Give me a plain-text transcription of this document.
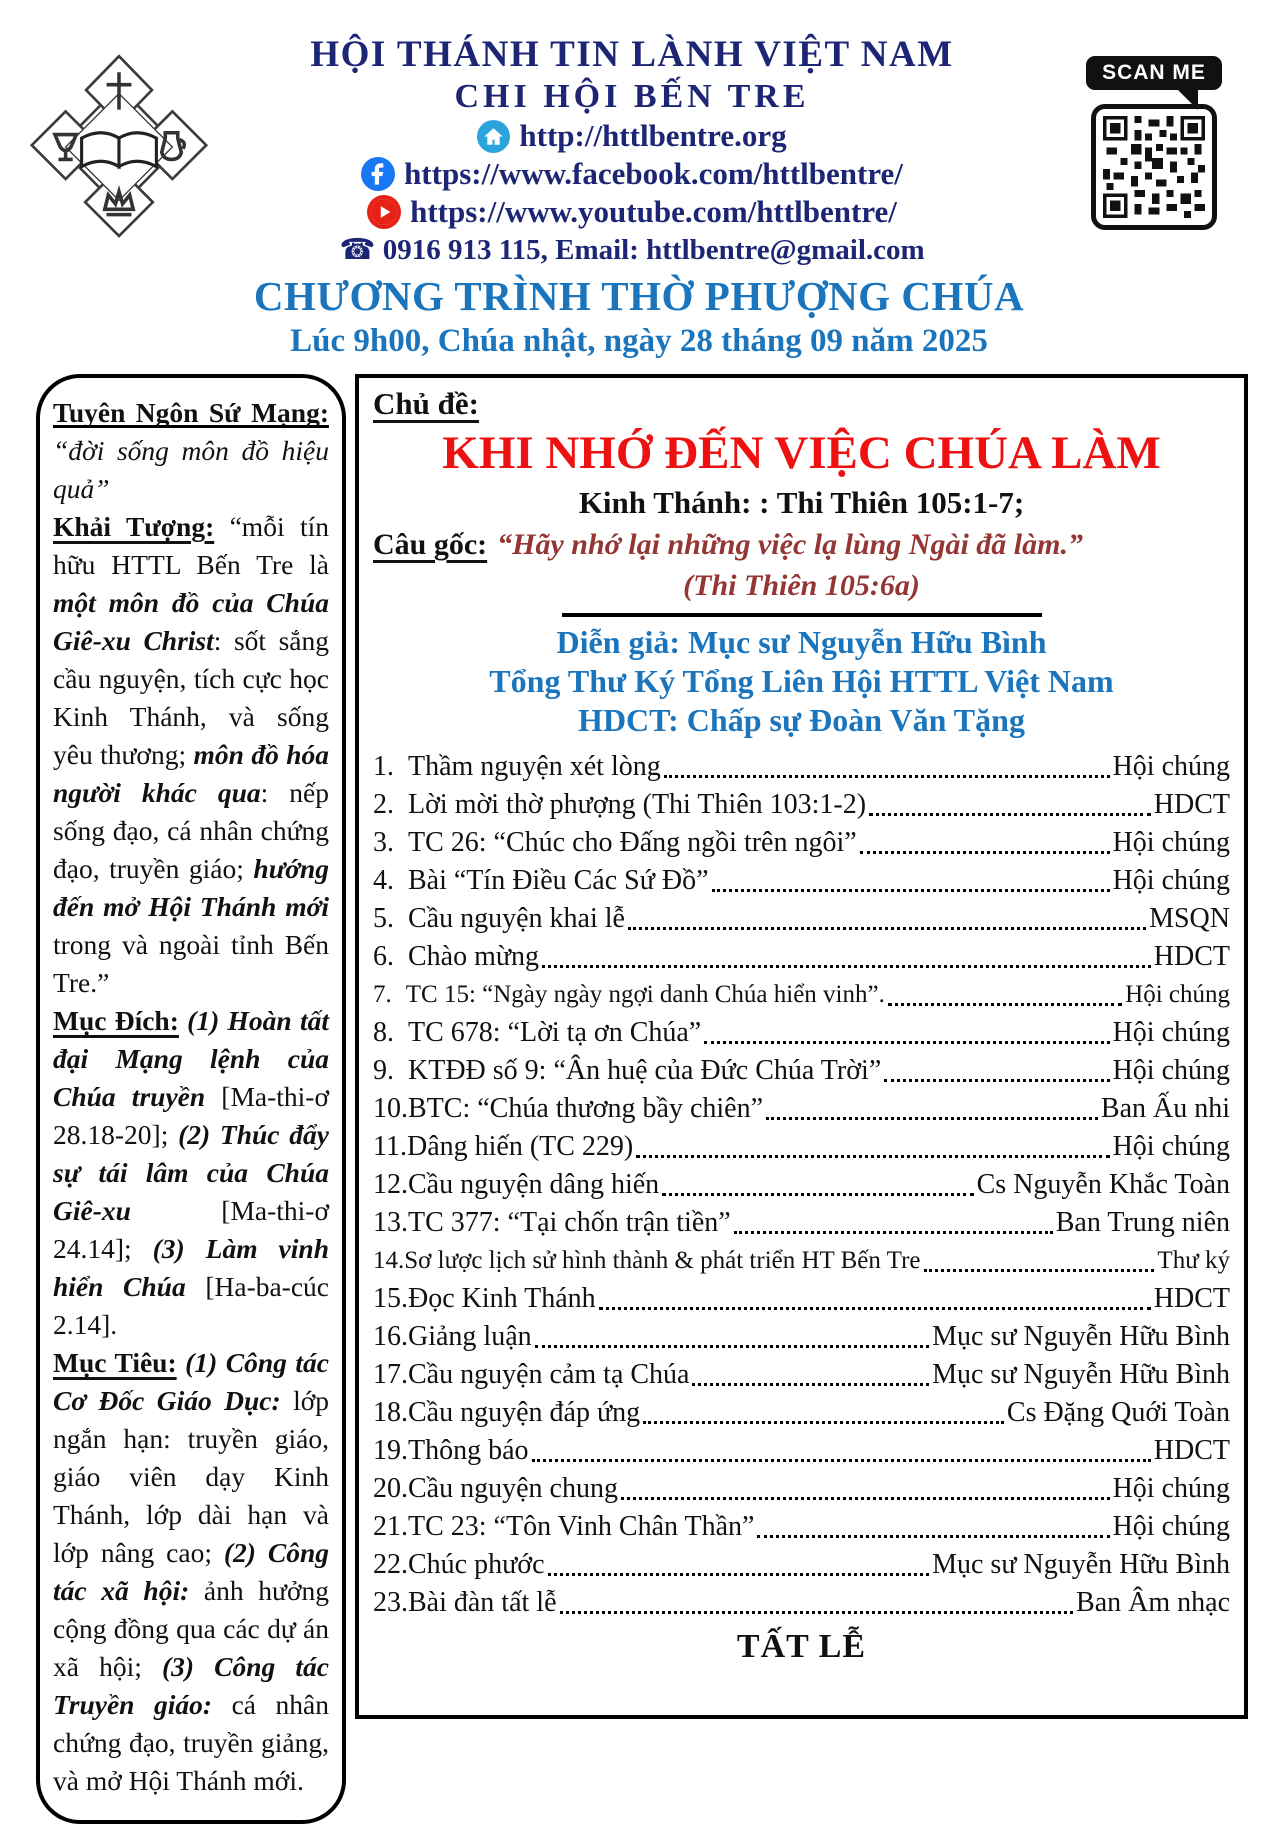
HỘI THÁNH TIN LÀNH VIỆT NAM
CHI HỘI BẾN TRE
http://httlbentre.org
https://www.facebook.com/httlbentre/
https://www.youtube.com/httlbentre/
☎ 0916 913 115, Email: httlbentre@gmail.com
SCAN ME
CHƯƠNG TRÌNH THỜ PHƯỢNG CHÚA
Lúc 9h00, Chúa nhật, ngày 28 tháng 09 năm 2025

Tuyên Ngôn Sứ Mạng:

“đời sống môn đồ hiệu quả”

Khải Tượng: “mỗi tín hữu HTTL Bến Tre là một môn đồ của Chúa Giê-xu Christ: sốt sắng cầu nguyện, tích cực học Kinh Thánh, và sống yêu thương; môn đồ hóa người khác qua: nếp sống đạo, cá nhân chứng đạo, truyền giáo; hướng đến mở Hội Thánh mới trong và ngoài tỉnh Bến Tre.”

Mục Đích: (1) Hoàn tất đại Mạng lệnh của Chúa truyền [Ma-thi-ơ 28.18-20]; (2) Thúc đẩy sự tái lâm của Chúa Giê-xu [Ma-thi-ơ 24.14]; (3) Làm vinh hiển Chúa [Ha-ba-cúc 2.14].

Mục Tiêu: (1) Công tác Cơ Đốc Giáo Dục: lớp ngắn hạn: truyền giáo, giáo viên dạy Kinh Thánh, lớp dài hạn và lớp nâng cao; (2) Công tác xã hội: ảnh hưởng cộng đồng qua các dự án xã hội; (3) Công tác Truyền giáo: cá nhân chứng đạo, truyền giảng, và mở Hội Thánh mới.

Chủ đề:
KHI NHỚ ĐẾN VIỆC CHÚA LÀM
Kinh Thánh: : Thi Thiên 105:1-7;
Câu gốc: “Hãy nhớ lại những việc lạ lùng Ngài đã làm.”
(Thi Thiên 105:6a)
Diễn giả: Mục sư Nguyễn Hữu Bình
Tổng Thư Ký Tổng Liên Hội HTTL Việt Nam
HDCT: Chấp sự Đoàn Văn Tặng
1. Thầm nguyện xét lòng	Hội chúng
2. Lời mời thờ phượng (Thi Thiên 103:1-2)	HDCT
3. TC 26: “Chúc cho Đấng ngồi trên ngôi”	Hội chúng
4. Bài “Tín Điều Các Sứ Đồ”	Hội chúng
5. Cầu nguyện khai lễ	MSQN
6. Chào mừng	HDCT
7. TC 15: “Ngày ngày ngợi danh Chúa hiển vinh”.	Hội chúng
8. TC 678: “Lời tạ ơn Chúa”	Hội chúng
9. KTĐĐ số 9: “Ân huệ của Đức Chúa Trời”	Hội chúng
10. BTC: “Chúa thương bầy chiên”	Ban Ấu nhi
11. Dâng hiến (TC 229)	Hội chúng
12. Cầu nguyện dâng hiến	Cs Nguyễn Khắc Toàn
13. TC 377: “Tại chốn trận tiền”	Ban Trung niên
14. Sơ lược lịch sử hình thành & phát triển HT Bến Tre	Thư ký
15. Đọc Kinh Thánh	HDCT
16. Giảng luận	Mục sư Nguyễn Hữu Bình
17. Cầu nguyện cảm tạ Chúa	Mục sư Nguyễn Hữu Bình
18. Cầu nguyện đáp ứng	Cs Đặng Quới Toàn
19. Thông báo	HDCT
20. Cầu nguyện chung	Hội chúng
21. TC 23: “Tôn Vinh Chân Thần”	Hội chúng
22. Chúc phước	Mục sư Nguyễn Hữu Bình
23. Bài đàn tất lễ	Ban Âm nhạc
TẤT LỄ
